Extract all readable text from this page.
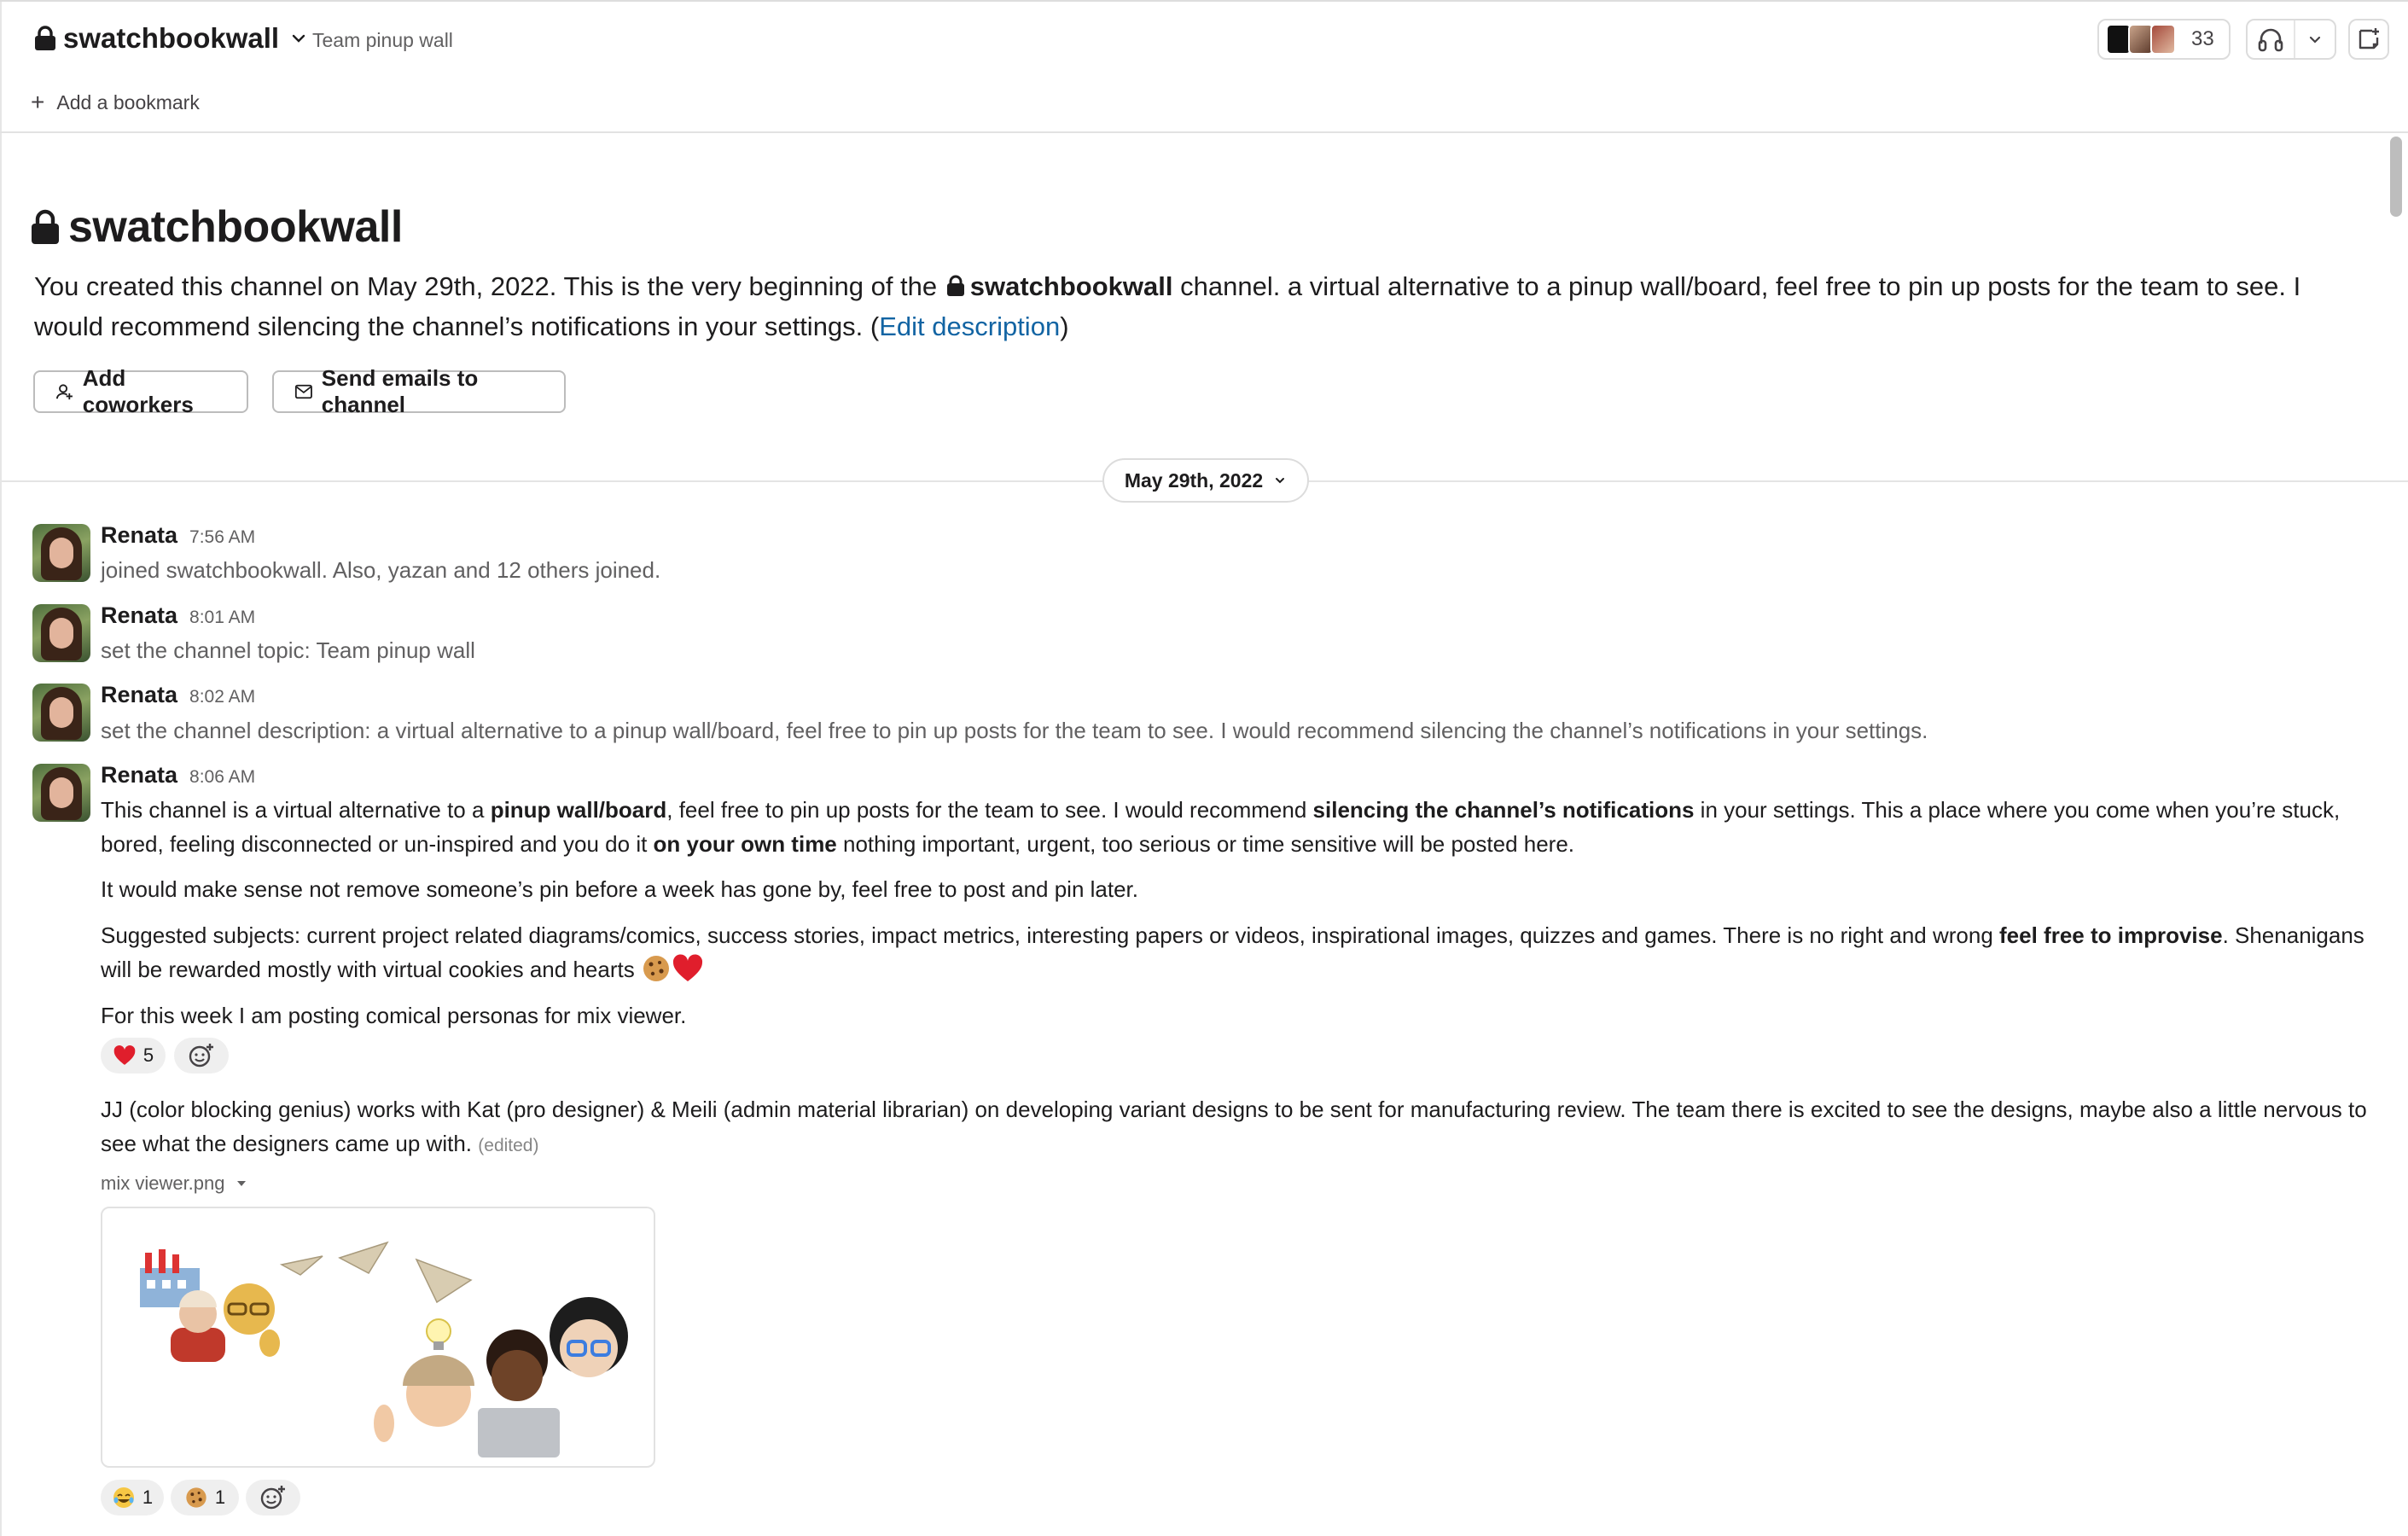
swatchbookwall Team pinup wall	33
+ Add a bookmark
swatchbookwall
You created this channel on May 29th, 2022. This is the very beginning of the swatchbookwall channel. a virtual alternative to a pinup wall/board, feel free to pin up posts for the team to see. I would recommend silencing the channel’s notifications in your settings. (Edit description)
Add coworkers
Send emails to channel
May 29th, 2022
Renata 7:56 AM
joined swatchbookwall. Also, yazan and 12 others joined.
Renata 8:01 AM
set the channel topic: Team pinup wall
Renata 8:02 AM
set the channel description: a virtual alternative to a pinup wall/board, feel free to pin up posts for the team to see. I would recommend silencing the channel’s notifications in your settings.
Renata 8:06 AM
This channel is a virtual alternative to a pinup wall/board, feel free to pin up posts for the team to see. I would recommend silencing the channel’s notifications in your settings. This a place where you come when you’re stuck, bored, feeling disconnected or un-inspired and you do it on your own time nothing important, urgent, too serious or time sensitive will be posted here.
It would make sense not remove someone’s pin before a week has gone by, feel free to post and pin later.
Suggested subjects: current project related diagrams/comics, success stories, impact metrics, interesting papers or videos, inspirational images, quizzes and games. There is no right and wrong feel free to improvise. Shenanigans will be rewarded mostly with virtual cookies and hearts
For this week I am posting comical personas for mix viewer.
5
JJ (color blocking genius) works with Kat (pro designer) & Meili (admin material librarian) on developing variant designs to be sent for manufacturing review. The team there is excited to see the designs, maybe also a little nervous to see what the designers came up with. (edited)
mix viewer.png
1	1
